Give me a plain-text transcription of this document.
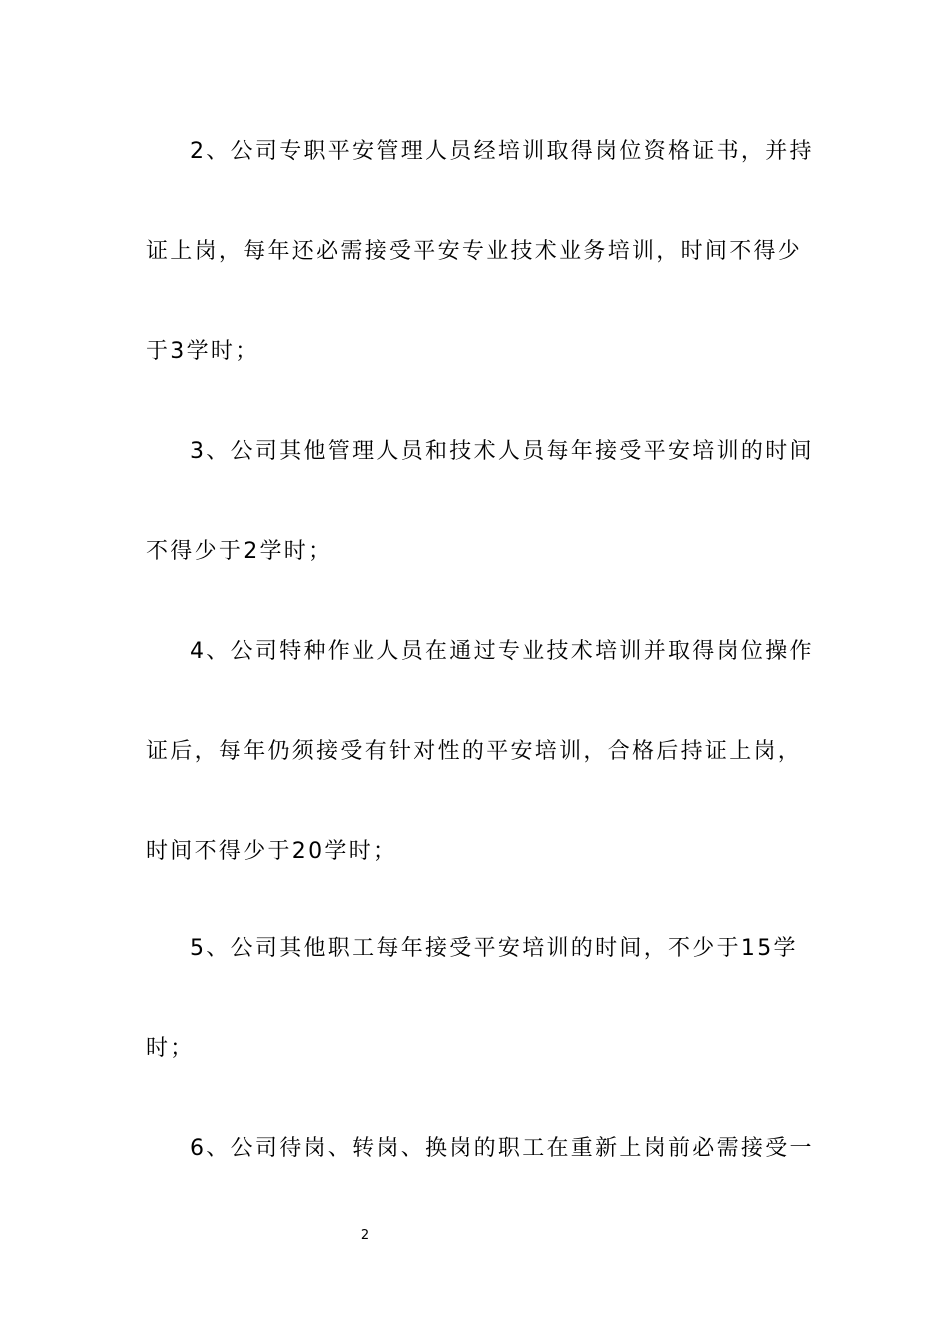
2、公司专职平安管理人员经培训取得岗位资格证书，并持
证上岗，每年还必需接受平安专业技术业务培训，时间不得少
于3学时；
3、公司其他管理人员和技术人员每年接受平安培训的时间
不得少于2学时；
4、公司特种作业人员在通过专业技术培训并取得岗位操作
证后，每年仍须接受有针对性的平安培训，合格后持证上岗，
时间不得少于20学时；
5、公司其他职工每年接受平安培训的时间，不少于15学
时；
6、公司待岗、转岗、换岗的职工在重新上岗前必需接受一
2
